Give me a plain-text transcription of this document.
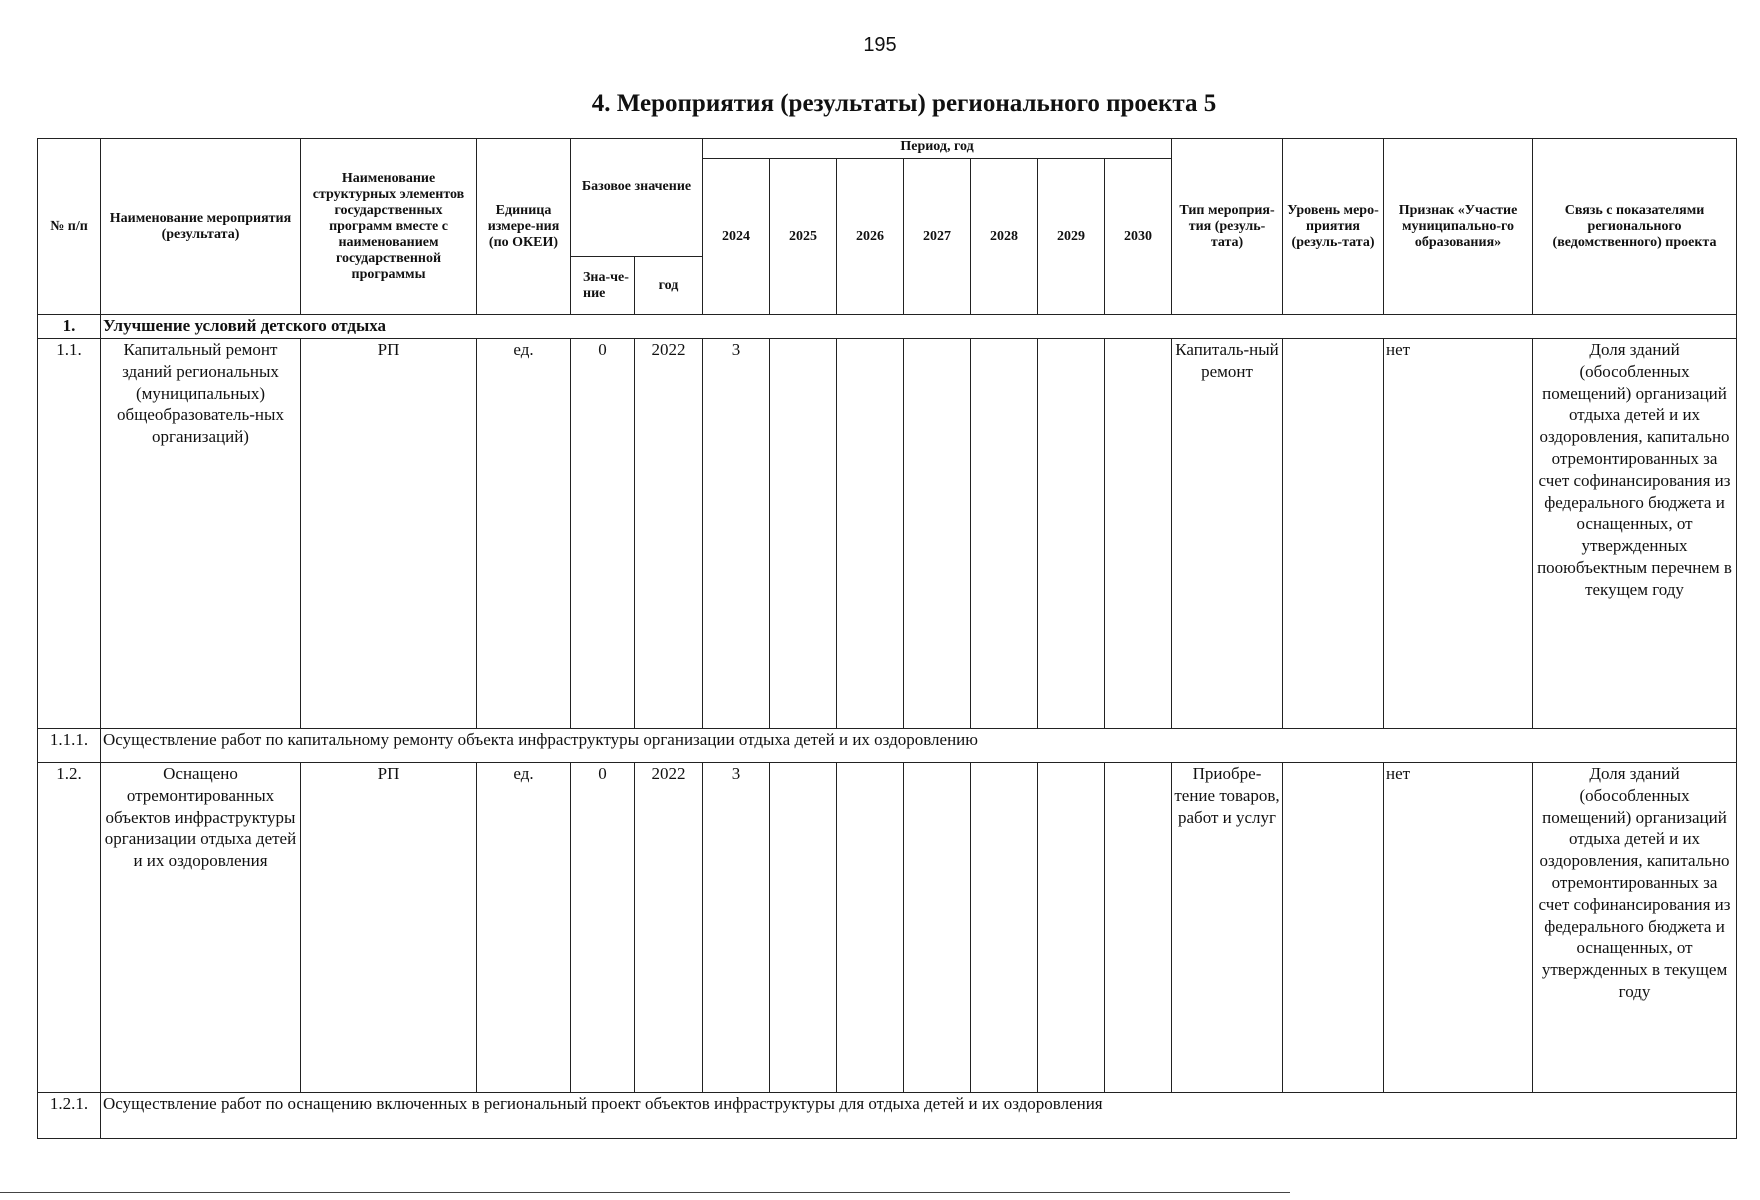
195
4. Мероприятия (результаты) регионального проекта 5
№ п/п	Наименование мероприятия (результата)	Наименование структурных элементов государственных программ вместе с наименованием государственной программы	Единица измере-ния (по ОКЕИ)	Базовое значение		Период, год							Тип мероприя-тия (резуль-тата)	Уровень меро-приятия (резуль-тата)	Признак «Участие муниципально-го образования»	Связь с показателями регионального (ведомственного) проекта
						2024	2025	2026	2027	2028	2029	2030				
				Зна-че-ние	год											
1.	Улучшение условий детского отдыха															
1.1.	Капитальный ремонт зданий региональных (муниципальных) общеобразователь-ных организаций)	РП	ед.	0	2022	3							Капиталь-ный ремонт		нет	Доля зданий (обособленных помещений) организаций отдыха детей и их оздоровления, капитально отремонтированных за счет софинансирования из федерального бюджета и оснащенных, от утвержденных пооюбъектным перечнем в текущем году
1.1.1.	Осуществление работ по капитальному ремонту объекта инфраструктуры организации отдыха детей и их оздоровлению															
1.2.	Оснащено отремонтированных объектов инфраструктуры организации отдыха детей и их оздоровления	РП	ед.	0	2022	3							Приобре-тение товаров, работ и услуг		нет	Доля зданий (обособленных помещений) организаций отдыха детей и их оздоровления, капитально отремонтированных за счет софинансирования из федерального бюджета и оснащенных, от утвержденных в текущем году
1.2.1.	Осуществление работ по оснащению включенных в региональный проект объектов инфраструктуры для отдыха детей и их оздоровления															
